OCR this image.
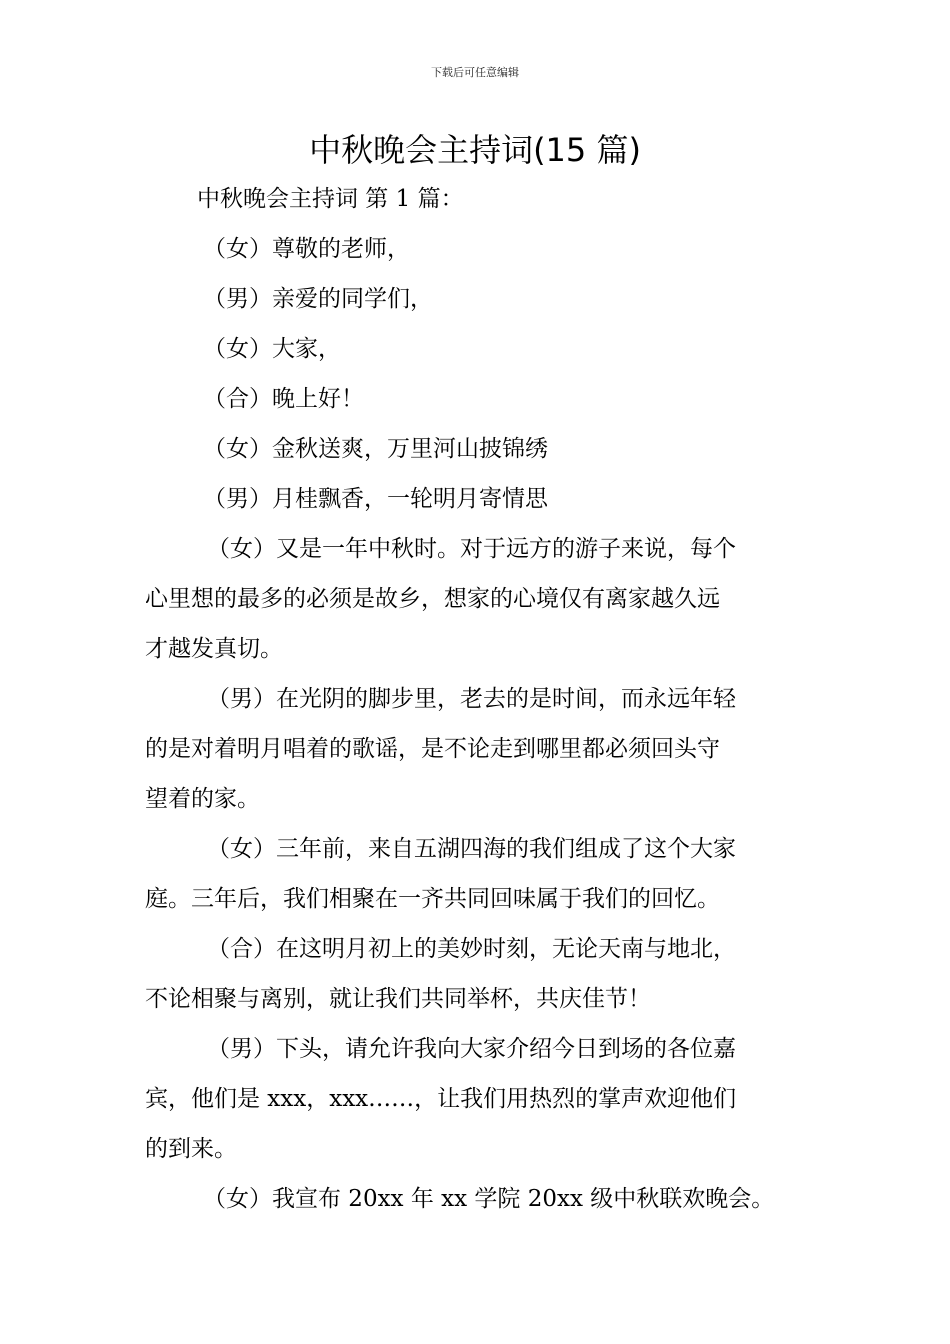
下载后可任意编辑
中秋晚会主持词(15 篇)
中秋晚会主持词 第 1 篇：
（女）尊敬的老师，
（男）亲爱的同学们，
（女）大家，
（合）晚上好！
（女）金秋送爽，万里河山披锦绣
（男）月桂飘香，一轮明月寄情思
（女）又是一年中秋时。对于远方的游子来说，每个
心里想的最多的必须是故乡，想家的心境仅有离家越久远
才越发真切。
（男）在光阴的脚步里，老去的是时间，而永远年轻
的是对着明月唱着的歌谣，是不论走到哪里都必须回头守
望着的家。
（女）三年前，来自五湖四海的我们组成了这个大家
庭。三年后，我们相聚在一齐共同回味属于我们的回忆。
（合）在这明月初上的美妙时刻，无论天南与地北，
不论相聚与离别，就让我们共同举杯，共庆佳节！
（男）下头，请允许我向大家介绍今日到场的各位嘉
宾，他们是 xxx，xxx……，让我们用热烈的掌声欢迎他们
的到来。
（女）我宣布 20xx 年 xx 学院 20xx 级中秋联欢晚会。
